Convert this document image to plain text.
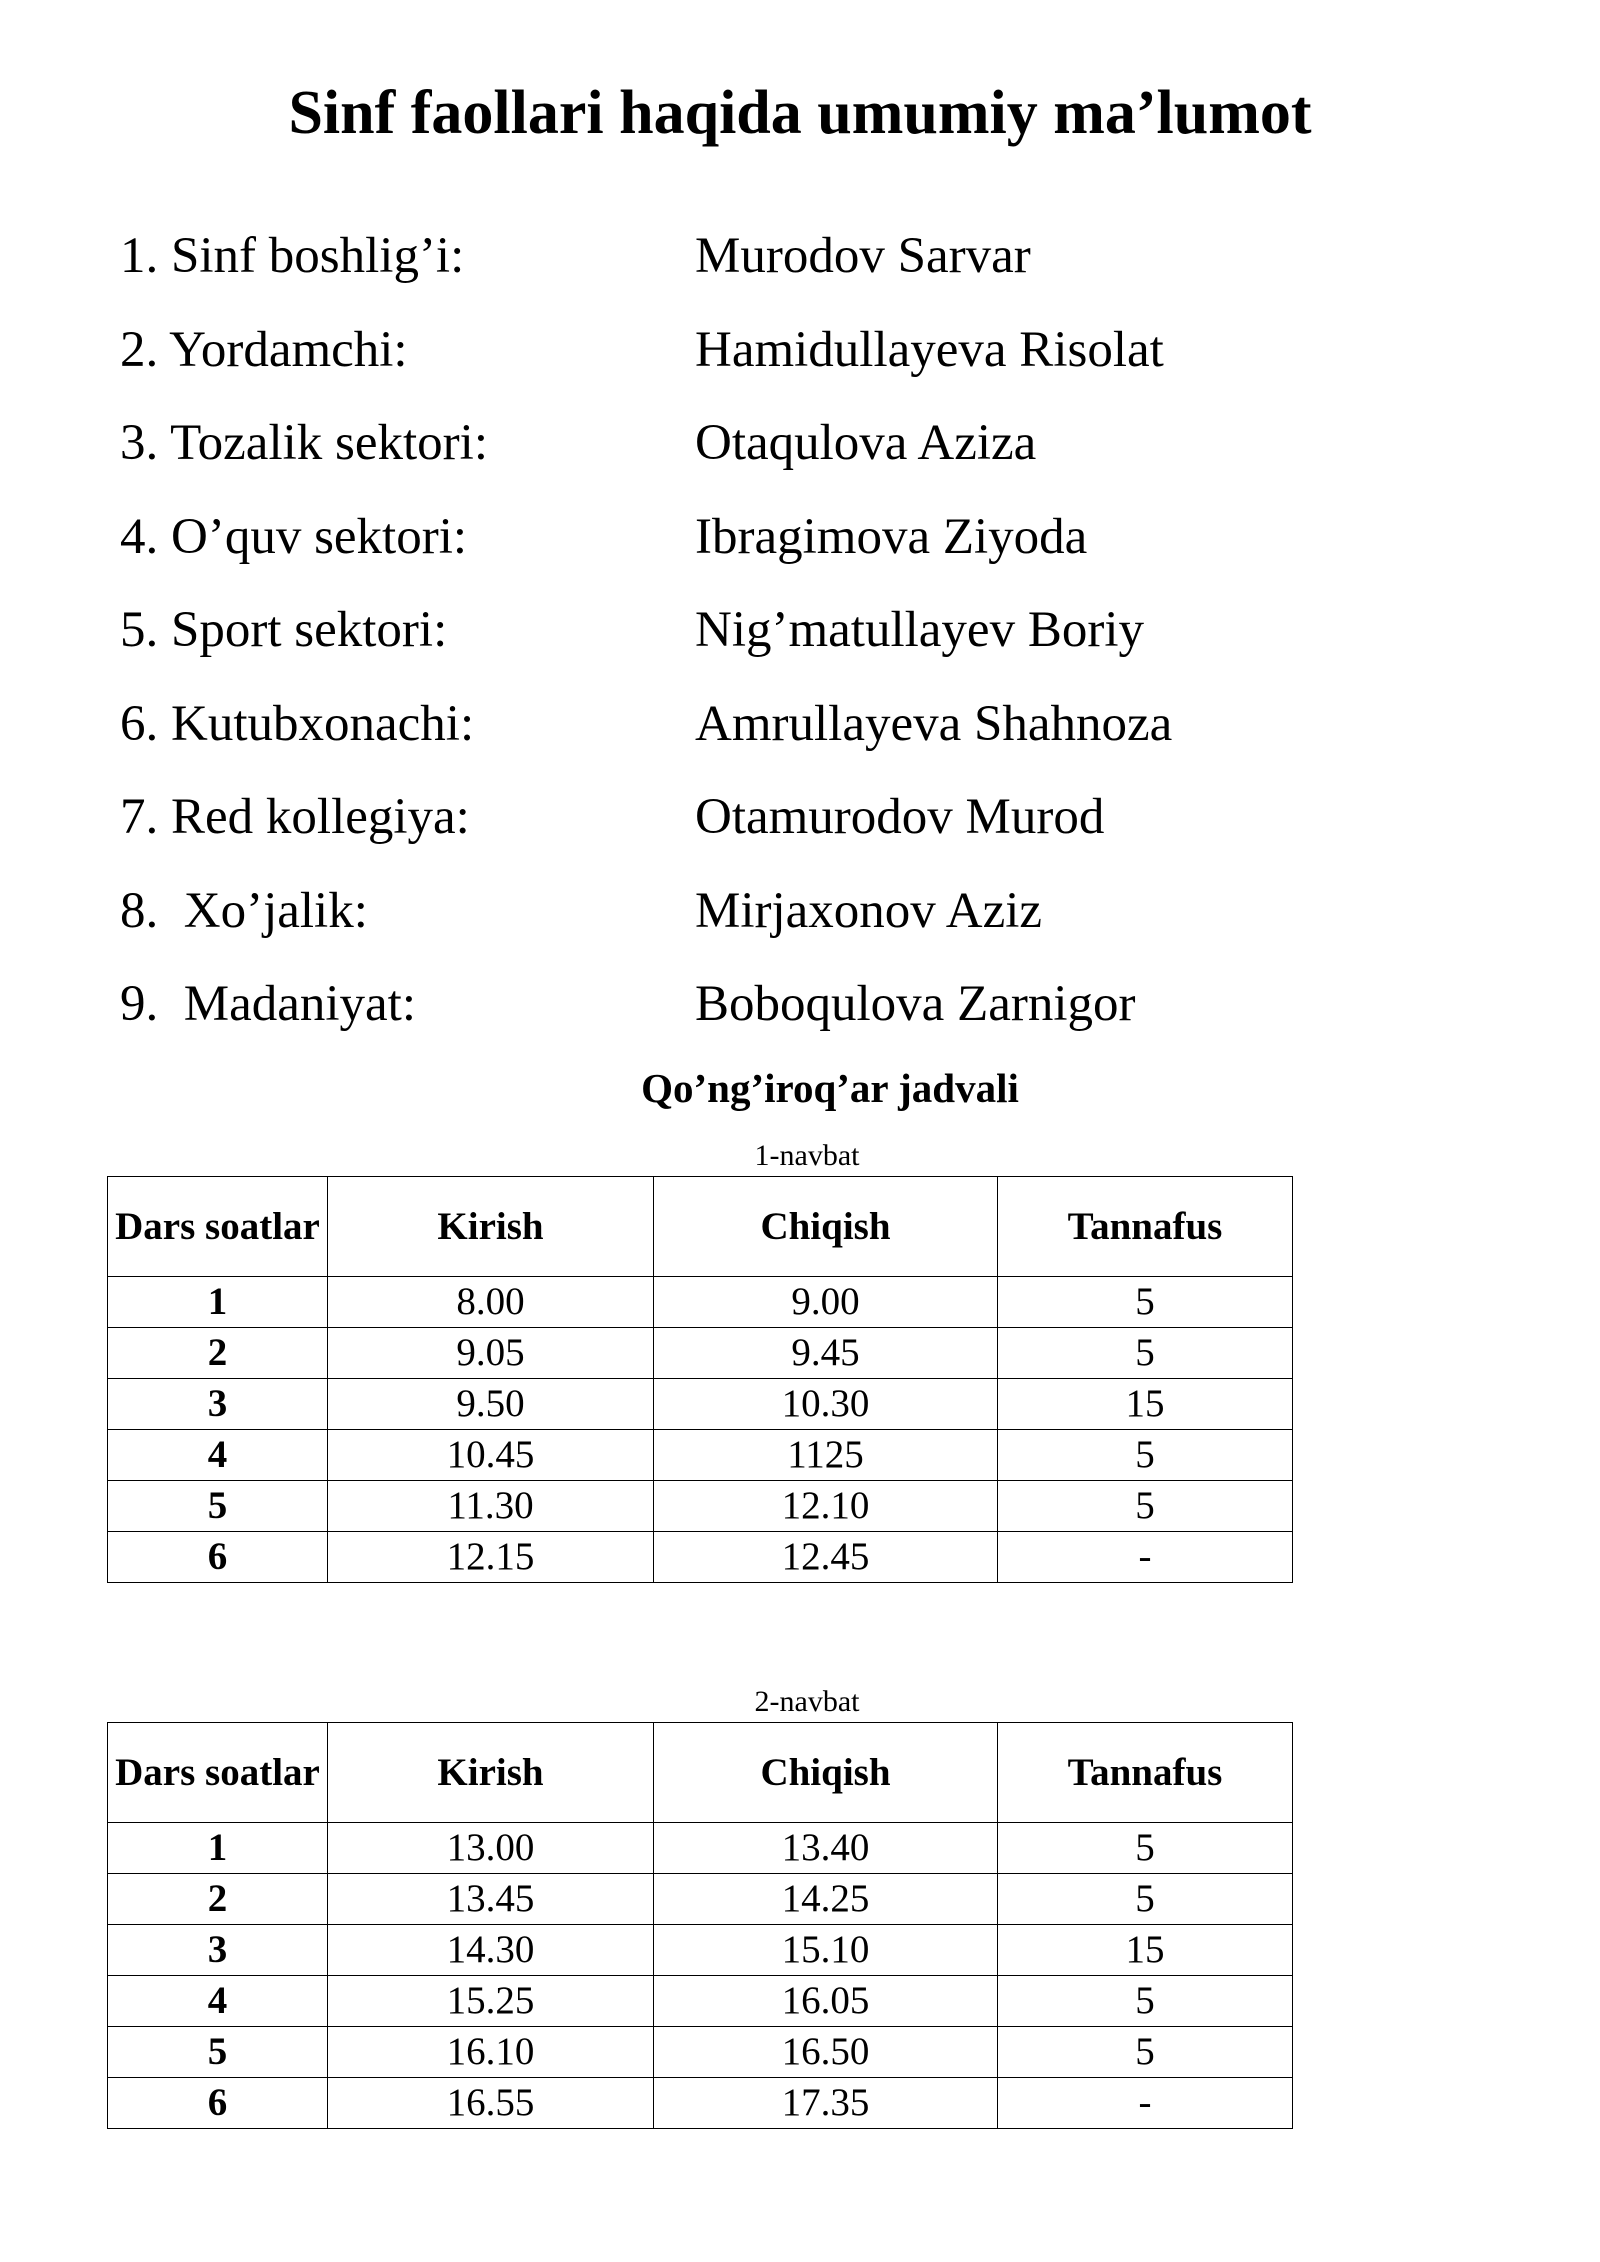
Sinf faollari haqida umumiy ma’lumot
1. Sinf boshlig’i:	Murodov Sarvar
2. Yordamchi:	Hamidullayeva Risolat
3. Tozalik sektori:	Otaqulova Aziza
4. O’quv sektori:	Ibragimova Ziyoda
5. Sport sektori:	Nig’matullayev Boriy
6. Kutubxonachi:	Amrullayeva Shahnoza
7. Red kollegiya:	Otamurodov Murod
8.  Xo’jalik:	Mirjaxonov Aziz
9.  Madaniyat:	Boboqulova Zarnigor
Qo’ng’iroq’ar jadvali
1-navbat
Dars soatlar	Kirish	Chiqish	Tannafus
1	8.00	9.00	5
2	9.05	9.45	5
3	9.50	10.30	15
4	10.45	1125	5
5	11.30	12.10	5
6	12.15	12.45	-
2-navbat
Dars soatlar	Kirish	Chiqish	Tannafus
1	13.00	13.40	5
2	13.45	14.25	5
3	14.30	15.10	15
4	15.25	16.05	5
5	16.10	16.50	5
6	16.55	17.35	-
